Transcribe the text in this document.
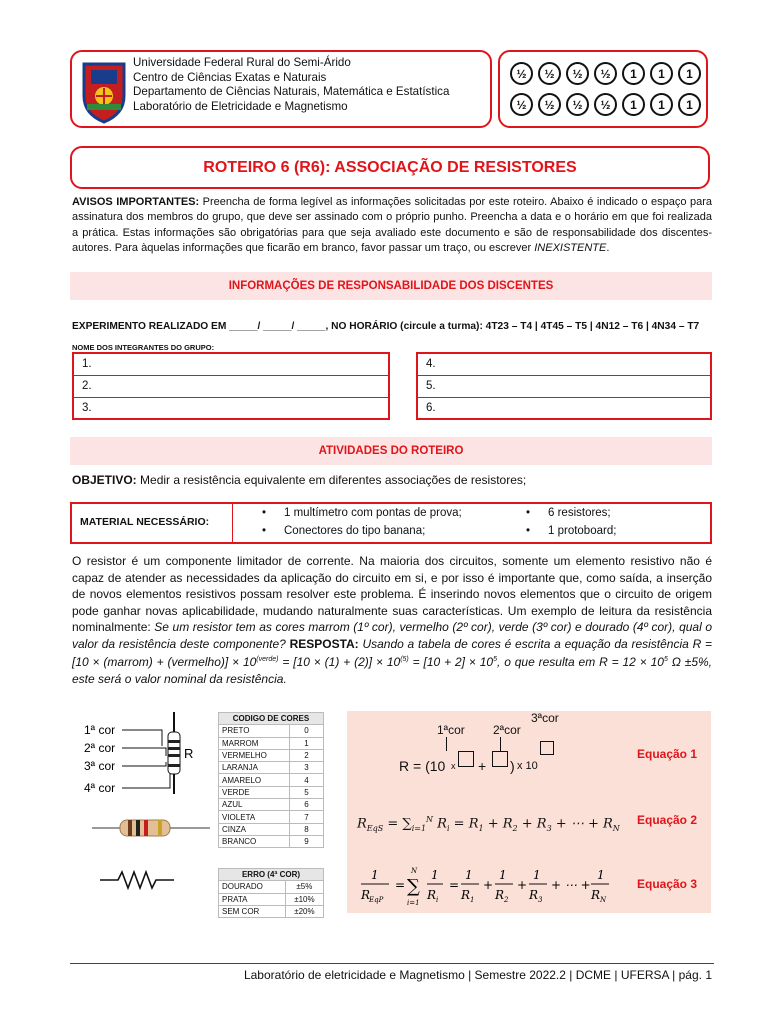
Universidade Federal Rural do Semi-Árido
Centro de Ciências Exatas e Naturais
Departamento de Ciências Naturais, Matemática e Estatística
Laboratório de Eletricidade e Magnetismo
½	½	½	½	1	1	1
½	½	½	½	1	1	1
ROTEIRO 6 (R6): ASSOCIAÇÃO DE RESISTORES
AVISOS IMPORTANTES: Preencha de forma legível as informações solicitadas por este roteiro. Abaixo é indicado o espaço para assinatura dos membros do grupo, que deve ser assinado com o próprio punho. Preencha a data e o horário em que foi realizada a prática. Estas informações são obrigatórias para que seja avaliado este documento e são de responsabilidade dos discentes-autores. Para àquelas informações que ficarão em branco, favor passar um traço, ou escrever INEXISTENTE.
INFORMAÇÕES DE RESPONSABILIDADE DOS DISCENTES
EXPERIMENTO REALIZADO EM _____/ _____/ _____, NO HORÁRIO (circule a turma): 4T23 – T4 | 4T45 – T5 | 4N12 – T6 | 4N34 – T7
NOME DOS INTEGRANTES DO GRUPO:
1.
2.
3.
4.
5.
6.
ATIVIDADES DO ROTEIRO
OBJETIVO: Medir a resistência equivalente em diferentes associações de resistores;
MATERIAL NECESSÁRIO:
• 1 multímetro com pontas de prova;
• Conectores do tipo banana;
• 6 resistores;
• 1 protoboard;
O resistor é um componente limitador de corrente. Na maioria dos circuitos, somente um elemento resistivo não é capaz de atender as necessidades da aplicação do circuito em si, e por isso é importante que, como saída, a inserção de novos elementos resistivos possam resolver este problema. É inserindo novos elementos que o circuito de origem pode ganhar novas aplicabilidade, mudando naturalmente suas características. Um exemplo de leitura da resistência nominalmente: Se um resistor tem as cores marrom (1º cor), vermelho (2º cor), verde (3º cor) e dourado (4º cor), qual o valor da resistência deste componente? RESPOSTA: Usando a tabela de cores é escrita a equação da resistência R = [10 × (marrom) + (vermelho)] × $10^{(verde)} = [10 \times (1) + (2)] \times 10^{(5)} = [10 + 2] \times 10^5$, o que resulta em $R = 12 \times 10^5$ Ω ±5%, este será o valor nominal da resistência.
1ª cor
2ª cor
3ª cor
4ª cor
R
CODIGO DE CORES	
PRETO	0
MARROM	1
VERMELHO	2
LARANJA	3
AMARELO	4
VERDE	5
AZUL	6
VIOLETA	7
CINZA	8
BRANCO	9
ERRO (4ª COR)	
DOURADO	±5%
PRATA	±10%
SEM COR	±20%
1ªcor 2ªcor
3ªcor
R = (10 x + ) x 10
Equação 1
$R_{EqS} = \sum_{i=1}^N$ $R_i = R_1 + R_2 + R_3$ + ⋯ + $R_N$
Equação 2
1
R
EqP
= ∑
N
i=1
1
R i
=
1
R 1
+
1
R 2
+
1
R 3
+ ⋯ +
1
R N
Equação 3
Laboratório de eletricidade e Magnetismo | Semestre 2022.2 | DCME | UFERSA | pág. 1
